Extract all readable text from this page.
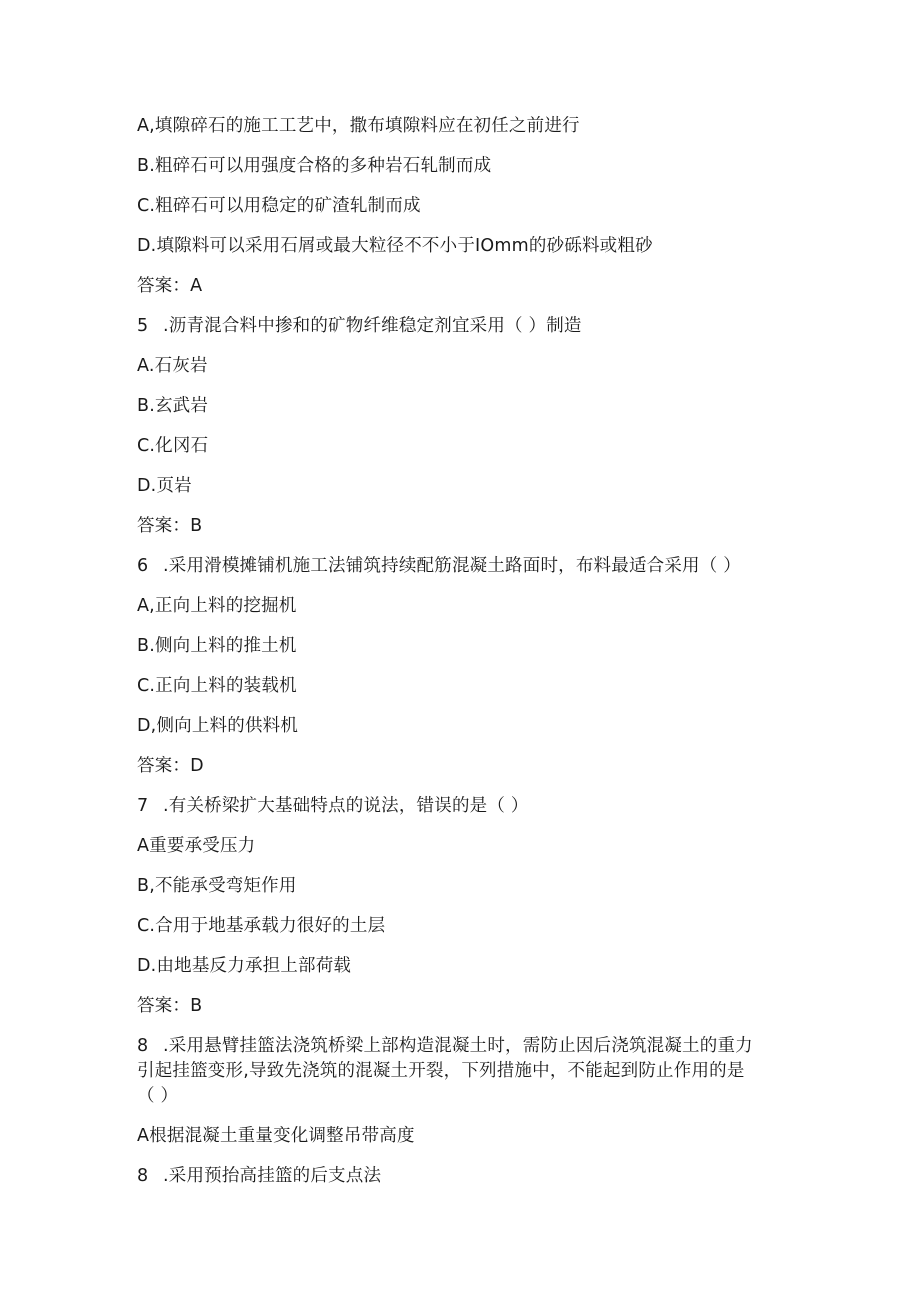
A,填隙碎石的施工工艺中，撒布填隙料应在初任之前进行
B.粗碎石可以用强度合格的多种岩石轧制而成
C.粗碎石可以用稳定的矿渣轧制而成
D.填隙料可以采用石屑或最大粒径不不小于IOmm的砂砾料或粗砂
答案：A
5 .沥青混合料中掺和的矿物纤维稳定剂宜采用（ ）制造
A.石灰岩
B.玄武岩
C.化冈石
D.页岩
答案：B
6 .采用滑模摊铺机施工法铺筑持续配筋混凝土路面时，布料最适合采用（ ）
A,正向上料的挖掘机
B.侧向上料的推土机
C.正向上料的装载机
D,侧向上料的供料机
答案：D
7 .有关桥梁扩大基础特点的说法，错误的是（ ）
A重要承受压力
B,不能承受弯矩作用
C.合用于地基承载力很好的土层
D.由地基反力承担上部荷载
答案：B
8 .采用悬臂挂篮法浇筑桥梁上部构造混凝土时，需防止因后浇筑混凝土的重力
引起挂篮变形,导致先浇筑的混凝土开裂，下列措施中，不能起到防止作用的是
（ ）
A根据混凝土重量变化调整吊带高度
8 .采用预抬高挂篮的后支点法
